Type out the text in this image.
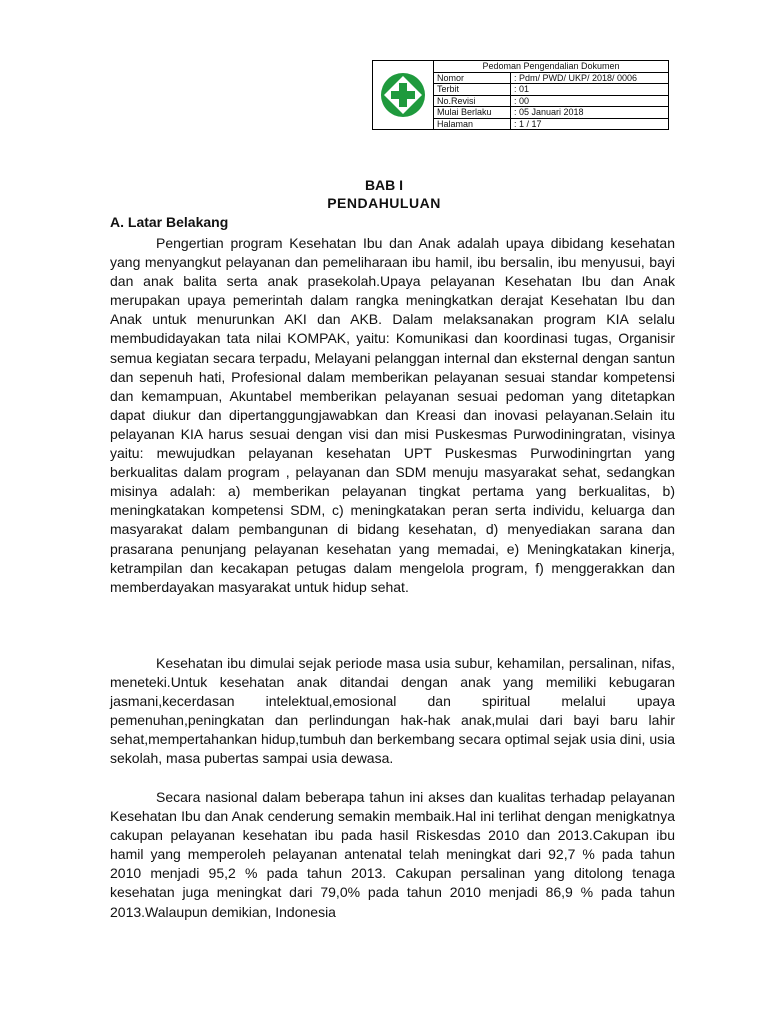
	Pedoman Pengendalian Dokumen	
	Nomor	: Pdm/ PWD/ UKP/ 2018/ 0006
	Terbit	: 01
	No.Revisi	: 00
	Mulai Berlaku	: 05 Januari 2018
	Halaman	: 1 / 17
BAB I
PENDAHULUAN
A. Latar Belakang

Pengertian program Kesehatan Ibu dan Anak adalah upaya dibidang kesehatan yang menyangkut pelayanan dan pemeliharaan ibu hamil, ibu bersalin, ibu menyusui, bayi dan anak balita serta anak prasekolah.Upaya pelayanan Kesehatan Ibu dan Anak merupakan upaya pemerintah dalam rangka meningkatkan derajat Kesehatan Ibu dan Anak untuk menurunkan AKI dan AKB. Dalam melaksanakan program KIA selalu membudidayakan tata nilai KOMPAK, yaitu: Komunikasi dan koordinasi tugas, Organisir semua kegiatan secara terpadu, Melayani pelanggan internal dan eksternal dengan santun dan sepenuh hati, Profesional dalam memberikan pelayanan sesuai standar kompetensi dan kemampuan, Akuntabel memberikan pelayanan sesuai pedoman yang ditetapkan dapat diukur dan dipertanggungjawabkan dan Kreasi dan inovasi pelayanan.Selain itu pelayanan KIA harus sesuai dengan visi dan misi Puskesmas Purwodiningratan, visinya yaitu: mewujudkan pelayanan kesehatan UPT Puskesmas Purwodiningrtan yang berkualitas dalam program , pelayanan dan SDM menuju masyarakat sehat, sedangkan misinya adalah: a) memberikan pelayanan tingkat pertama yang berkualitas, b) meningkatakan kompetensi SDM, c) meningkatakan peran serta individu, keluarga dan masyarakat dalam pembangunan di bidang kesehatan, d) menyediakan sarana dan prasarana penunjang pelayanan kesehatan yang memadai, e) Meningkatakan kinerja, ketrampilan dan kecakapan petugas dalam mengelola program, f) menggerakkan dan memberdayakan masyarakat untuk hidup sehat.

Kesehatan ibu dimulai sejak periode masa usia subur, kehamilan, persalinan, nifas, meneteki.Untuk kesehatan anak ditandai dengan anak yang memiliki kebugaran jasmani,kecerdasan intelektual,emosional dan spiritual melalui upaya pemenuhan,peningkatan dan perlindungan hak-hak anak,mulai dari bayi baru lahir sehat,mempertahankan hidup,tumbuh dan berkembang secara optimal sejak usia dini, usia sekolah, masa pubertas sampai usia dewasa.

Secara nasional dalam beberapa tahun ini akses dan kualitas terhadap pelayanan Kesehatan Ibu dan Anak cenderung semakin membaik.Hal ini terlihat dengan menigkatnya cakupan pelayanan kesehatan ibu pada hasil Riskesdas 2010 dan 2013.Cakupan ibu hamil yang memperoleh pelayanan antenatal telah meningkat dari 92,7 % pada tahun 2010 menjadi 95,2 % pada tahun 2013. Cakupan persalinan yang ditolong tenaga kesehatan juga meningkat dari 79,0% pada tahun 2010 menjadi 86,9 % pada tahun 2013.Walaupun demikian, Indonesia
